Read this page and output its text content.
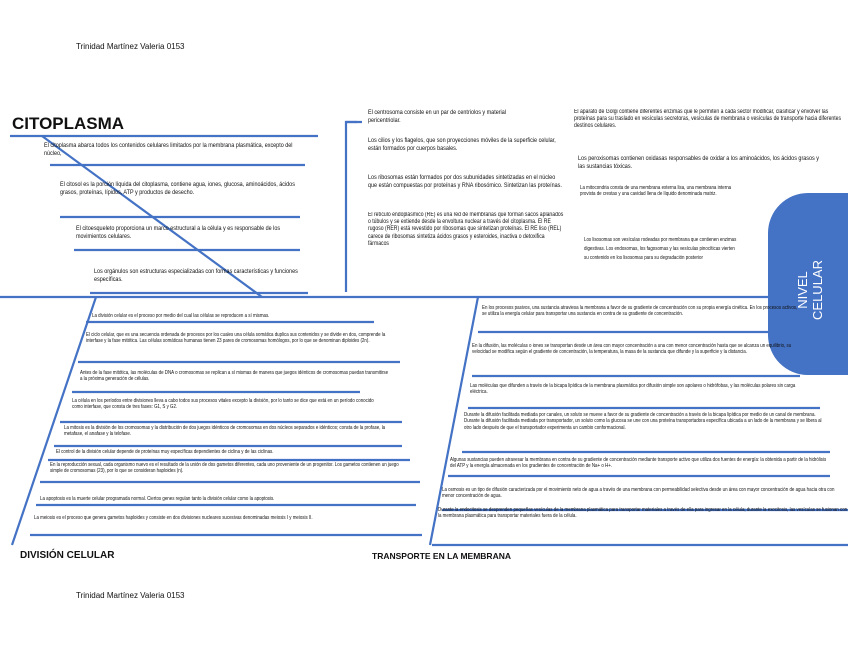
Trinidad Martínez Valeria 0153
CITOPLASMA
El citoplasma abarca todos los contenidos celulares limitados por la membrana plasmática, excepto del núcleo,
El citosol es la porción líquida del citoplasma, contiene agua, iones, glucosa, aminoácidos, ácidos grasos, proteínas, lípidos, ATP y productos de desecho.
El citoesqueleto proporciona un marco estructural a la célula y es responsable de los movimientos celulares.
Los orgánulos son estructuras especializadas con formas características y funciones específicas.
El centrosoma consiste en un par de centriolos y material pericentriolar.
Los cilios y los flagelos, que son proyecciones móviles de la superficie celular, están formados por cuerpos basales.
Los ribosomas están formados por dos subunidades sintetizadas en el núcleo que están compuestas por proteínas y RNA ribosómico. Sintetizan las proteínas.
El retículo endoplásmico (RE) es una red de membranas que forman sacos aplanados o túbulos y se extiende desde la envoltura nuclear a través del citoplasma. El RE rugoso (RER) está revestido por ribosomas que sintetizan proteínas. El RE liso (REL) carece de ribosomas sintetiza ácidos grasos y esteroides, inactiva o detoxifica fármacos
El aparato de Golgi contiene diferentes enzimas que le permiten a cada sector modificar, clasificar y envolver las proteínas para su traslado en vesículas secretoras, vesículas de membrana o vesículas de transporte hacia diferentes destinos celulares.
Los peroxisomas contienen oxidasas responsables de oxidar a los aminoácidos, los ácidos grasos y las sustancias tóxicas.
La mitocondria consta de una membrana externa lisa, una membrana interna provista de crestas y una cavidad llena de líquido denominada matriz.
Los lisosomas son vesículas rodeadas por membrana que contienen enzimas digestivas. Los endosomas, los fagosomas y las vesículas pinocíticas vierten su contenido en los lisosomas para su degradación posterior
NIVEL CELULAR
La división celular es el proceso por medio del cual las células se reproducen a sí mismas.
El ciclo celular, que es una secuencia ordenada de procesos por los cuales una célula somática duplica sus contenidos y se divide en dos, comprende la interfase y la fase mitótica. Las células somáticas humanas tienen 23 pares de cromosomas homólogos, por lo que se denominan diploides (2n).
Antes de la fase mitótica, las moléculas de DNA o cromosomas se replican a sí mismas de manera que juegos idénticos de cromosomas puedan transmitirse a la próxima generación de células.
La célula en los períodos entre divisiones lleva a cabo todos sus procesos vitales excepto la división, por lo tanto se dice que está en un período conocido como interfase, que consta de tres fases: G1, S y G2.
La mitosis es la división de los cromosomas y la distribución de dos juegos idénticos de cromosomas en dos núcleos separados e idénticos; consta de la profase, la metafase, el anafase y la telofase.
El control de la división celular depende de proteínas muy específicas dependientes de ciclina y de las ciclinas.
En la reproducción sexual, cada organismo nuevo es el resultado de la unión de dos gametos diferentes, cada uno proveniente de un progenitor. Los gametos contienen un juego simple de cromosomas (23), por lo que se consideran haploides (n).
La apoptosis es la muerte celular programada normal. Ciertos genes regulan tanto la división celular como la apoptosis.
La meiosis es el proceso que genera gametos haploides y consiste en dos divisiones nucleares sucesivas denominadas meiosis I y meiosis II.
DIVISIÓN CELULAR
En los procesos pasivos, una sustancia atraviesa la membrana a favor de su gradiente de concentración con su propia energía cinética. En los procesos activos, se utiliza la energía celular para transportar una sustancia en contra de su gradiente de concentración.
En la difusión, las moléculas o iones se transportan desde un área con mayor concentración a una con menor concentración hasta que se alcanza un equilibrio, su velocidad se modifica según el gradiente de concentración, la temperatura, la masa de la sustancia que difunde y la superficie y la distancia.
Las moléculas que difunden a través de la bicapa lipídica de la membrana plasmática por difusión simple son apolares o hidrófobas, y las moléculas polares sin carga eléctrica.
Durante la difusión facilitada mediada por canales, un soluto se mueve a favor de su gradiente de concentración a través de la bicapa lipídica por medio de un canal de membrana. Durante la difusión facilitada mediada por transportador, un soluto como la glucosa se une con una proteína transportadora específica ubicada a un lado de la membrana y se libera al otro lado después de que el transportador experimenta un cambio conformacional.
Algunas sustancias pueden atravesar la membrana en contra de su gradiente de concentración mediante transporte activo que utiliza dos fuentes de energía: la obtenida a partir de la hidrólisis del ATP y la energía almacenada en los gradientes de concentración de Na+ o H+.
La osmosis es un tipo de difusión caracterizada por el movimiento neto de agua a través de una membrana con permeabilidad selectiva desde un área con mayor concentración de agua hacia otra con menor concentración de agua.
Durante la endocitosis se desprenden pequeñas vesículas de la membrana plasmática para transportar materiales a través de ella para ingresar en la célula; durante la exocitosis, las vesículas se fusionan con la membrana plasmática para transportar materiales fuera de la célula.
TRANSPORTE EN LA MEMBRANA
Trinidad Martínez Valeria 0153
